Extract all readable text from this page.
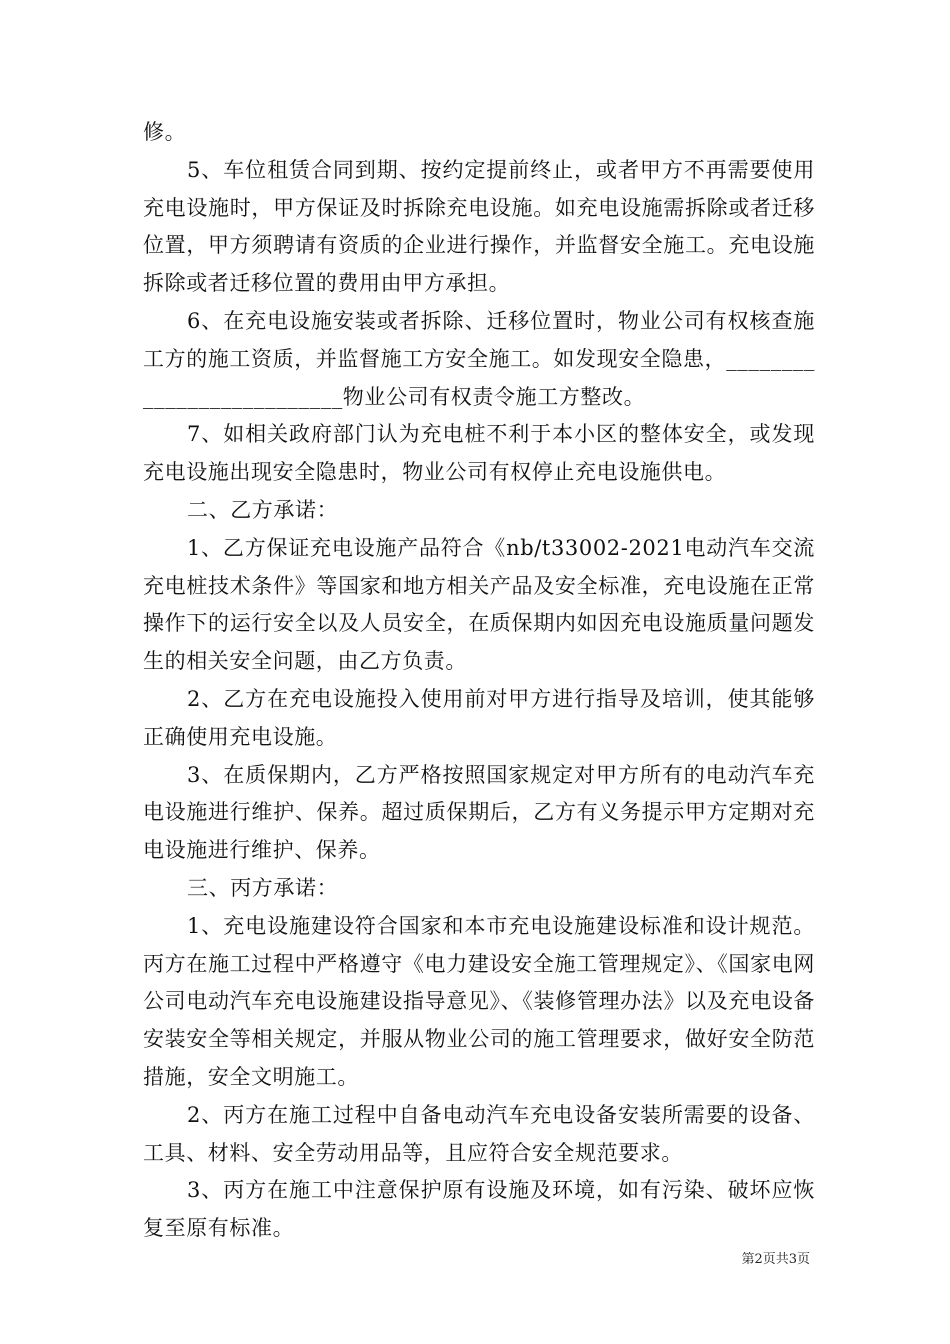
修。

5、车位租赁合同到期、按约定提前终止，或者甲方不再需要使用充电设施时，甲方保证及时拆除充电设施。如充电设施需拆除或者迁移位置，甲方须聘请有资质的企业进行操作，并监督安全施工。充电设施拆除或者迁移位置的费用由甲方承担。

6、在充电设施安装或者拆除、迁移位置时，物业公司有权核查施工方的施工资质，并监督施工方安全施工。如发现安全隐患，__________________________物业公司有权责令施工方整改。

7、如相关政府部门认为充电桩不利于本小区的整体安全，或发现充电设施出现安全隐患时，物业公司有权停止充电设施供电。

二、乙方承诺：

1、乙方保证充电设施产品符合《nb/t33002-2021电动汽车交流充电桩技术条件》等国家和地方相关产品及安全标准，充电设施在正常操作下的运行安全以及人员安全，在质保期内如因充电设施质量问题发生的相关安全问题，由乙方负责。

2、乙方在充电设施投入使用前对甲方进行指导及培训，使其能够正确使用充电设施。

3、在质保期内，乙方严格按照国家规定对甲方所有的电动汽车充电设施进行维护、保养。超过质保期后，乙方有义务提示甲方定期对充电设施进行维护、保养。

三、丙方承诺：

1、充电设施建设符合国家和本市充电设施建设标准和设计规范。丙方在施工过程中严格遵守《电力建设安全施工管理规定》、《国家电网公司电动汽车充电设施建设指导意见》、《装修管理办法》以及充电设备安装安全等相关规定，并服从物业公司的施工管理要求，做好安全防范措施，安全文明施工。

2、丙方在施工过程中自备电动汽车充电设备安装所需要的设备、工具、材料、安全劳动用品等，且应符合安全规范要求。

3、丙方在施工中注意保护原有设施及环境，如有污染、破坏应恢复至原有标准。

第2页共3页
